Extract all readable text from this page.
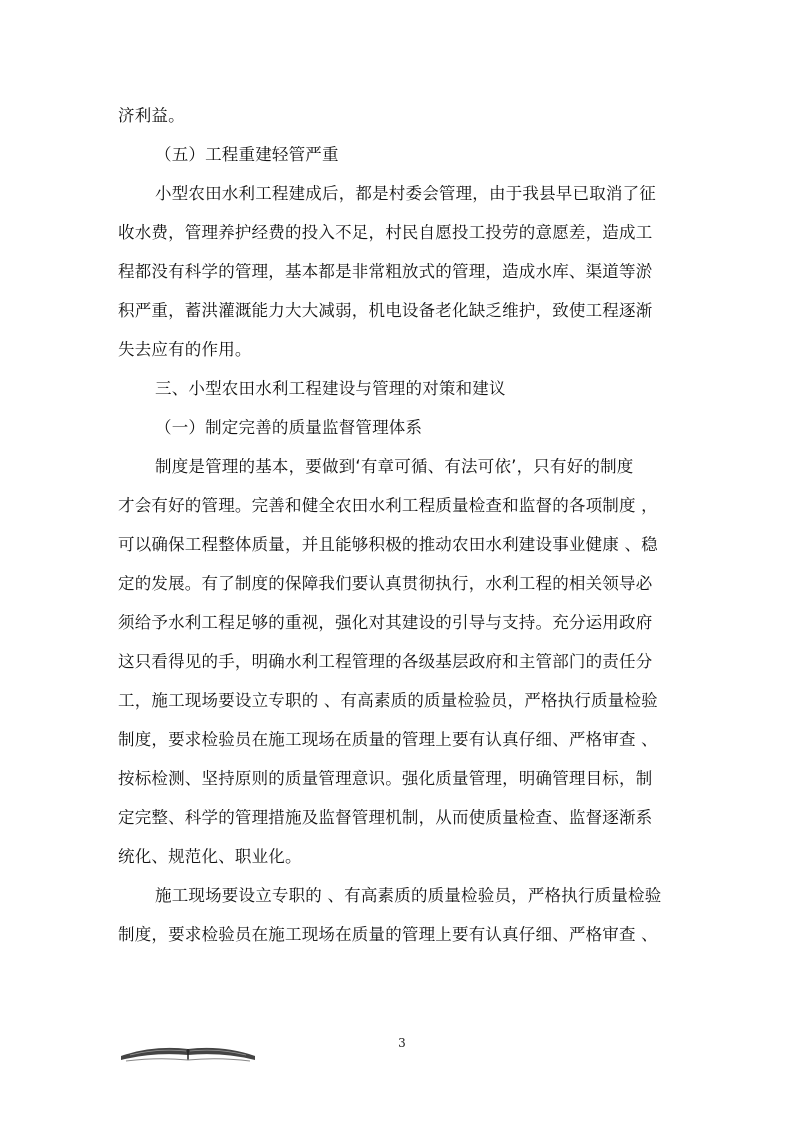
济利益。
（五）工程重建轻管严重
小型农田水利工程建成后，都是村委会管理，由于我县早已取消了征
收水费，管理养护经费的投入不足，村民自愿投工投劳的意愿差，造成工
程都没有科学的管理，基本都是非常粗放式的管理，造成水库、渠道等淤
积严重，蓄洪灌溉能力大大减弱，机电设备老化缺乏维护，致使工程逐渐
失去应有的作用。
三、小型农田水利工程建设与管理的对策和建议
（一）制定完善的质量监督管理体系
制度是管理的基本，要做到‘有章可循、有法可依’，只有好的制度
才会有好的管理。完善和健全农田水利工程质量检查和监督的各项制度 ，
可以确保工程整体质量，并且能够积极的推动农田水利建设事业健康 、稳
定的发展。有了制度的保障我们要认真贯彻执行，水利工程的相关领导必
须给予水利工程足够的重视，强化对其建设的引导与支持。充分运用政府
这只看得见的手，明确水利工程管理的各级基层政府和主管部门的责任分
工，施工现场要设立专职的 、有高素质的质量检验员，严格执行质量检验
制度，要求检验员在施工现场在质量的管理上要有认真仔细、严格审查 、
按标检测、坚持原则的质量管理意识。强化质量管理，明确管理目标，制
定完整、科学的管理措施及监督管理机制，从而使质量检查、监督逐渐系
统化、规范化、职业化。
施工现场要设立专职的 、有高素质的质量检验员，严格执行质量检验
制度，要求检验员在施工现场在质量的管理上要有认真仔细、严格审查 、
3
